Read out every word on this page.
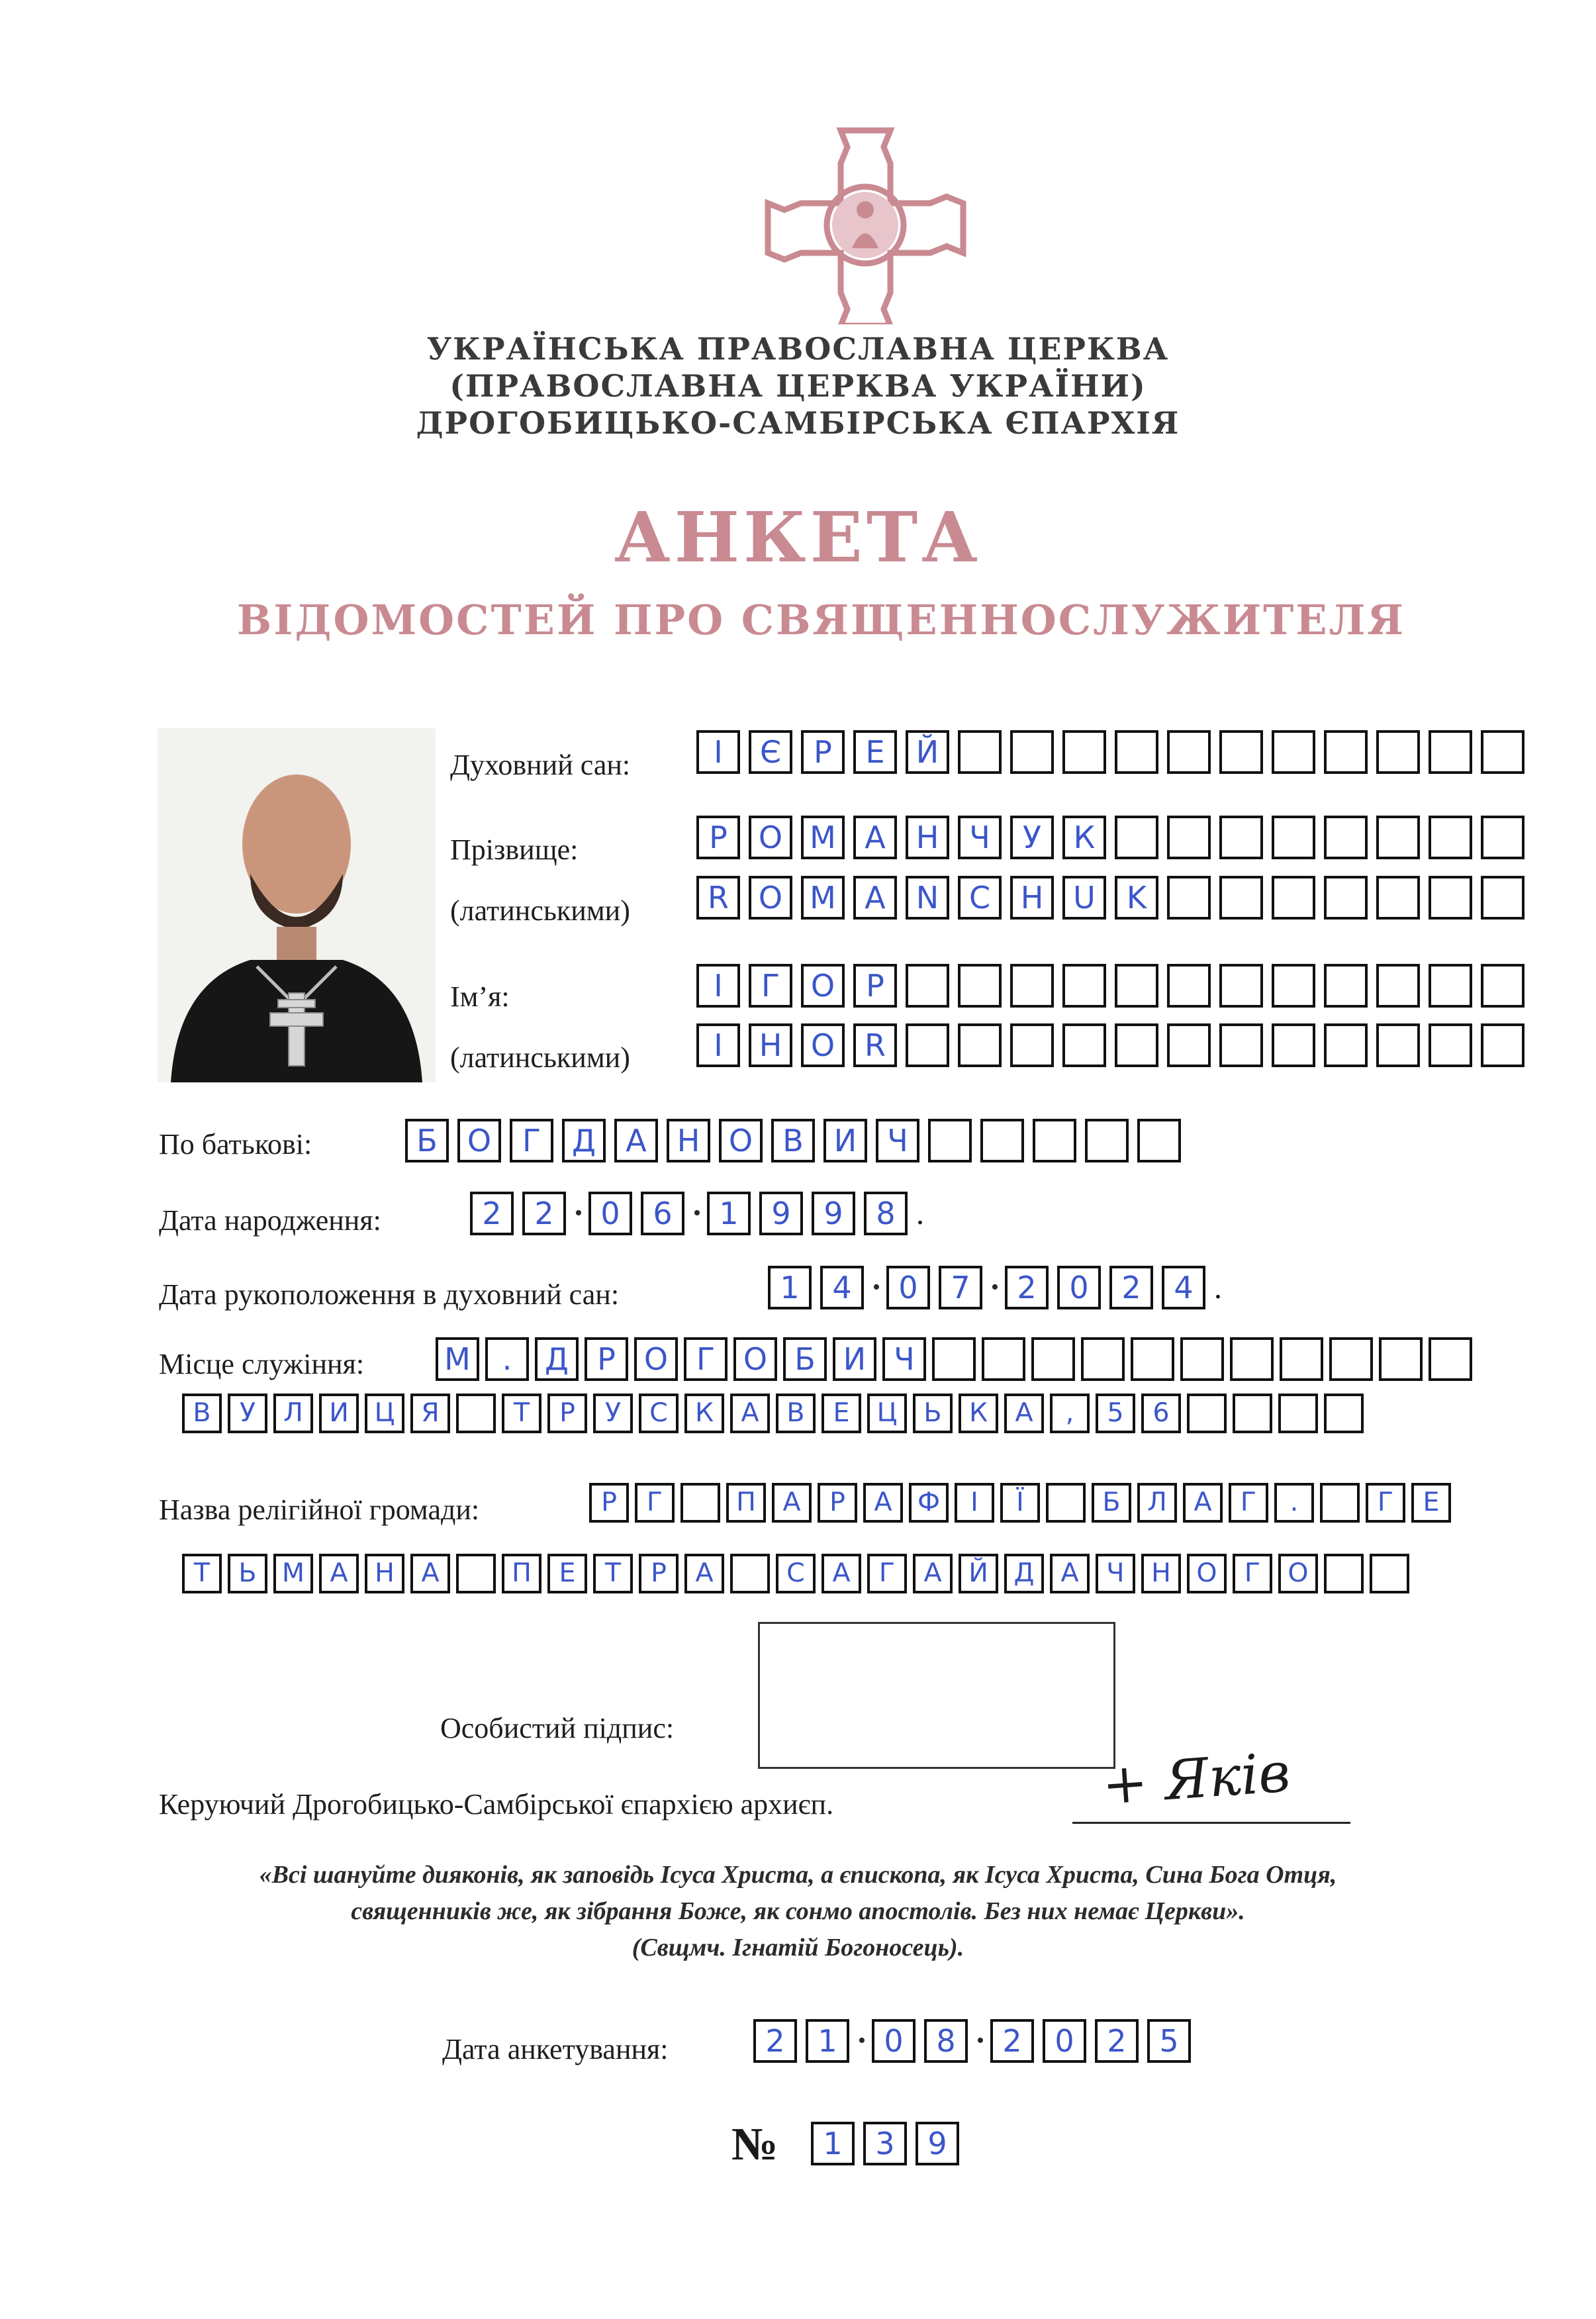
УКРАЇНСЬКА ПРАВОСЛАВНА ЦЕРКВА
(ПРАВОСЛАВНА ЦЕРКВА УКРАЇНИ)
ДРОГОБИЦЬКО-САМБІРСЬКА ЄПАРХІЯ
АНКЕТА
ВІДОМОСТЕЙ ПРО СВЯЩЕННОСЛУЖИТЕЛЯ
Духовний сан:	І	Є	Р	Е	Й
Прізвище:	Р	О М А Н Ч	У	К
(латинськими)	R O M A	N C H U	K
Ім’я:	І	Г	О	Р
(латинськими)	I	H O R
По батькові:	Б О	Г	Д А Н О В	И	Ч
Дата народження:	2	2 • 0	6 • 1	9	9	8 .
Дата рукоположення в духовний сан:	1	4 • 0	7 • 2	0	2	4 .
Місце служіння:	М	.	Д Р О Г О Б И Ч
В	У	Л И Ц	Я	Т	Р	У	С	К	А	В	Е	Ц	Ь	К	А	,	5	6
Назва релігійної громади:	Р	Г	П	А	Р	А Ф	І	Ї	Б	Л	А	Г	.	Г	Е
Т	Ь М А	Н	А	П	Е	Т	Р	А	С	А	Г	А	Й Д	А	Ч	Н О	Г	О
Особистий підпис:
Керуючий Дрогобицько-Самбірської єпархією архиєп.	+ Яків
«Всі шануйте дияконів, як заповідь Ісуса Христа, а єпископа, як Ісуса Христа, Сина Бога Отця,
священників же, як зібрання Боже, як сонмо апостолів. Без них немає Церкви».
(Свщмч. Ігнатій Богоносець).
Дата анкетування:	2	1 • 0	8 • 2	0	2	5
№	1	3	9
